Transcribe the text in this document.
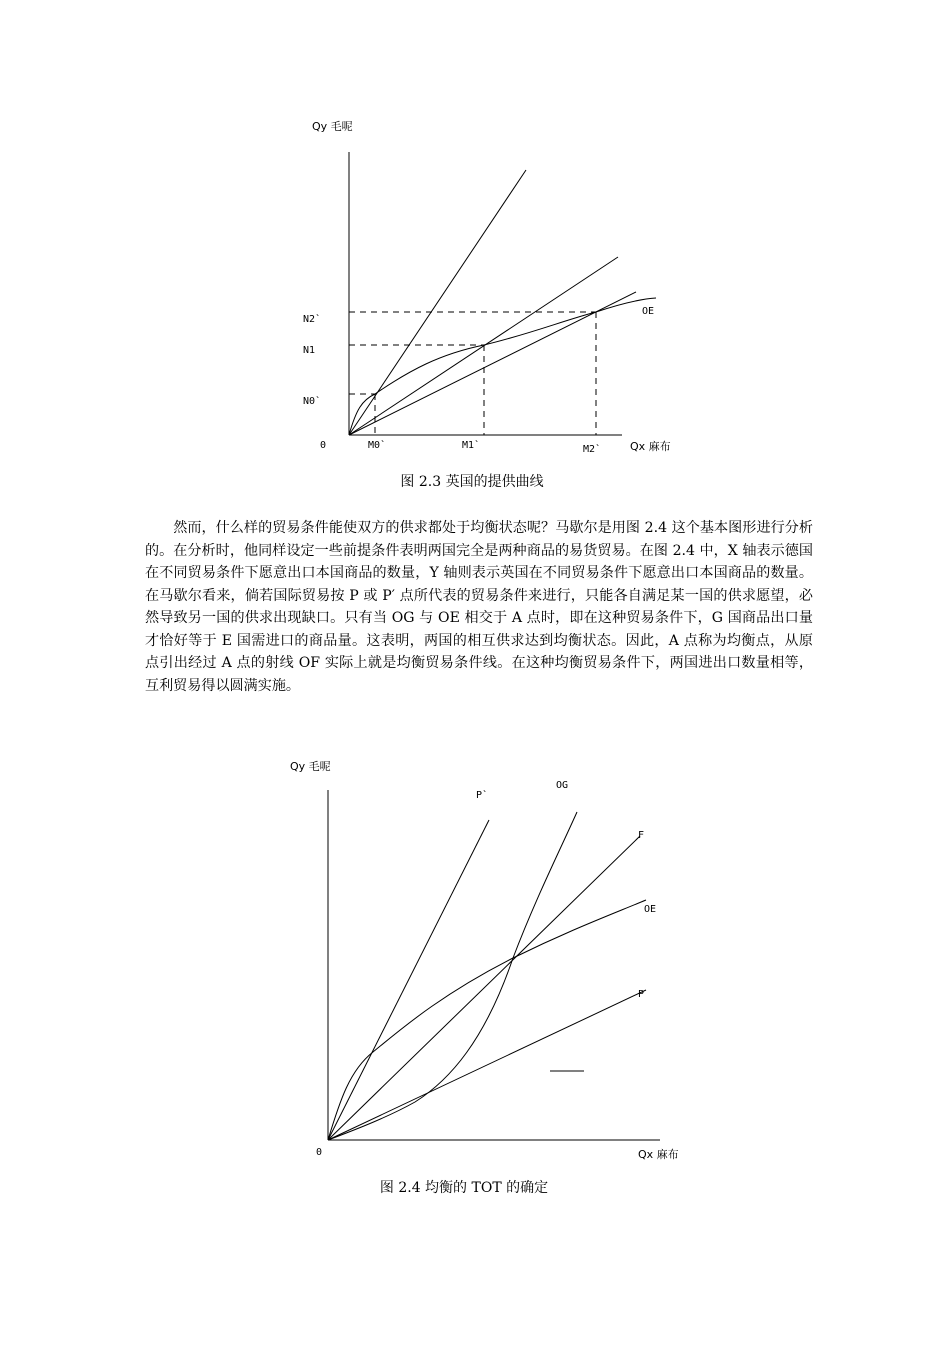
Qy 毛呢
N2`
N1
N0`
0	M0`	M1`	M2`
OE
Qx 麻布
图 2.3 英国的提供曲线

然而，什么样的贸易条件能使双方的供求都处于均衡状态呢？马歇尔是用图 2.4 这个基本图形进行分析的。在分析时，他同样设定一些前提条件表明两国完全是两种商品的易货贸易。在图 2.4 中，X 轴表示德国在不同贸易条件下愿意出口本国商品的数量，Y 轴则表示英国在不同贸易条件下愿意出口本国商品的数量。在马歇尔看来，倘若国际贸易按 P 或 P′ 点所代表的贸易条件来进行，只能各自满足某一国的供求愿望，必然导致另一国的供求出现缺口。只有当 OG 与 OE 相交于 A 点时，即在这种贸易条件下，G 国商品出口量才恰好等于 E 国需进口的商品量。这表明，两国的相互供求达到均衡状态。因此，A 点称为均衡点，从原点引出经过 A 点的射线 OF 实际上就是均衡贸易条件线。在这种均衡贸易条件下，两国进出口数量相等，互利贸易得以圆满实施。

Qy 毛呢
P`
OG
F
OE
P
0	Qx 麻布
图 2.4 均衡的 TOT 的确定
